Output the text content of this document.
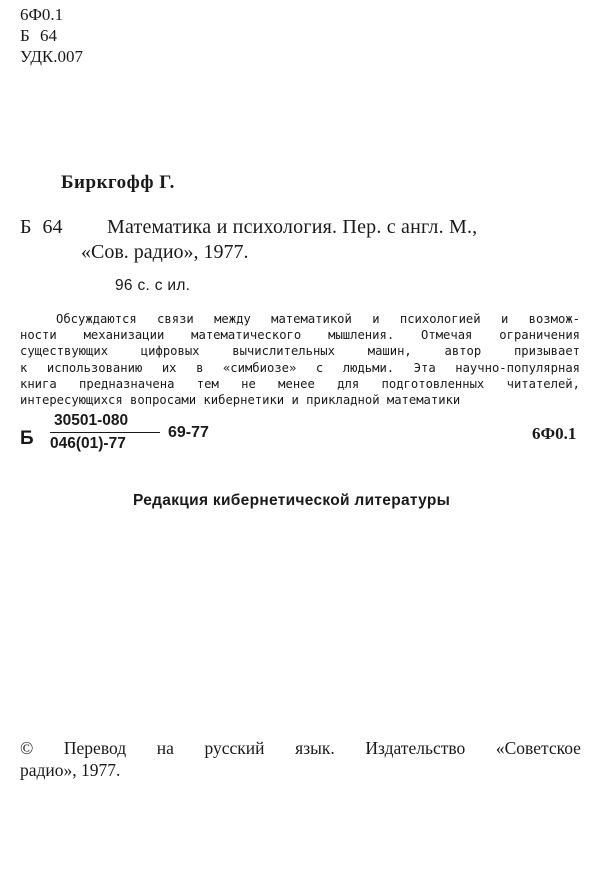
6Ф0.1
Б 64
УДК.007
Биркгофф Г.
Б 64 Математика и психология. Пер. с англ. М.,
«Сов. радио», 1977.
96 с. с ил.
Обсуждаются связи между математикой и психологией и возмож-
ности механизации математического мышления. Отмечая ограничения
существующих цифровых вычислительных машин, автор призывает
к использованию их в «симбиозе» с людьми. Эта научно-популярная
книга предназначена тем не менее для подготовленных читателей,
интересующихся вопросами кибернетики и прикладной математики
Б
30501-080
046(01)-77
69-77	6Ф0.1
Редакция кибернетической литературы
© Перевод на русский язык. Издательство «Советское
радио», 1977.
